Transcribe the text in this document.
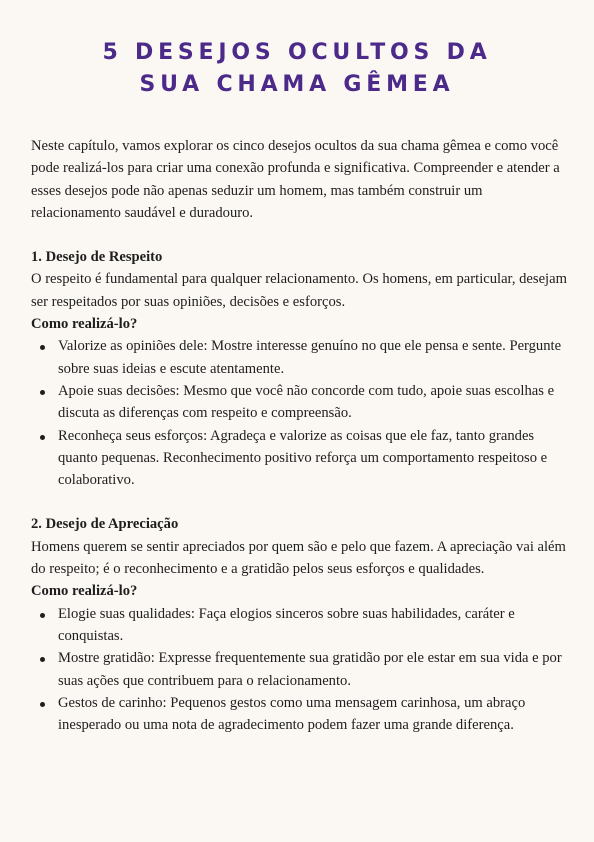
5 DESEJOS OCULTOS DA
SUA CHAMA GÊMEA

Neste capítulo, vamos explorar os cinco desejos ocultos da sua chama gêmea e como você pode realizá-los para criar uma conexão profunda e significativa. Compreender e atender a esses desejos pode não apenas seduzir um homem, mas também construir um relacionamento saudável e duradouro.

1. Desejo de Respeito

O respeito é fundamental para qualquer relacionamento. Os homens, em particular, desejam ser respeitados por suas opiniões, decisões e esforços.

Como realizá-lo?

Valorize as opiniões dele: Mostre interesse genuíno no que ele pensa e sente. Pergunte sobre suas ideias e escute atentamente.
Apoie suas decisões: Mesmo que você não concorde com tudo, apoie suas escolhas e discuta as diferenças com respeito e compreensão.
Reconheça seus esforços: Agradeça e valorize as coisas que ele faz, tanto grandes quanto pequenas. Reconhecimento positivo reforça um comportamento respeitoso e colaborativo.

2. Desejo de Apreciação

Homens querem se sentir apreciados por quem são e pelo que fazem. A apreciação vai além do respeito; é o reconhecimento e a gratidão pelos seus esforços e qualidades.

Como realizá-lo?

Elogie suas qualidades: Faça elogios sinceros sobre suas habilidades, caráter e conquistas.
Mostre gratidão: Expresse frequentemente sua gratidão por ele estar em sua vida e por suas ações que contribuem para o relacionamento.
Gestos de carinho: Pequenos gestos como uma mensagem carinhosa, um abraço inesperado ou uma nota de agradecimento podem fazer uma grande diferença.
